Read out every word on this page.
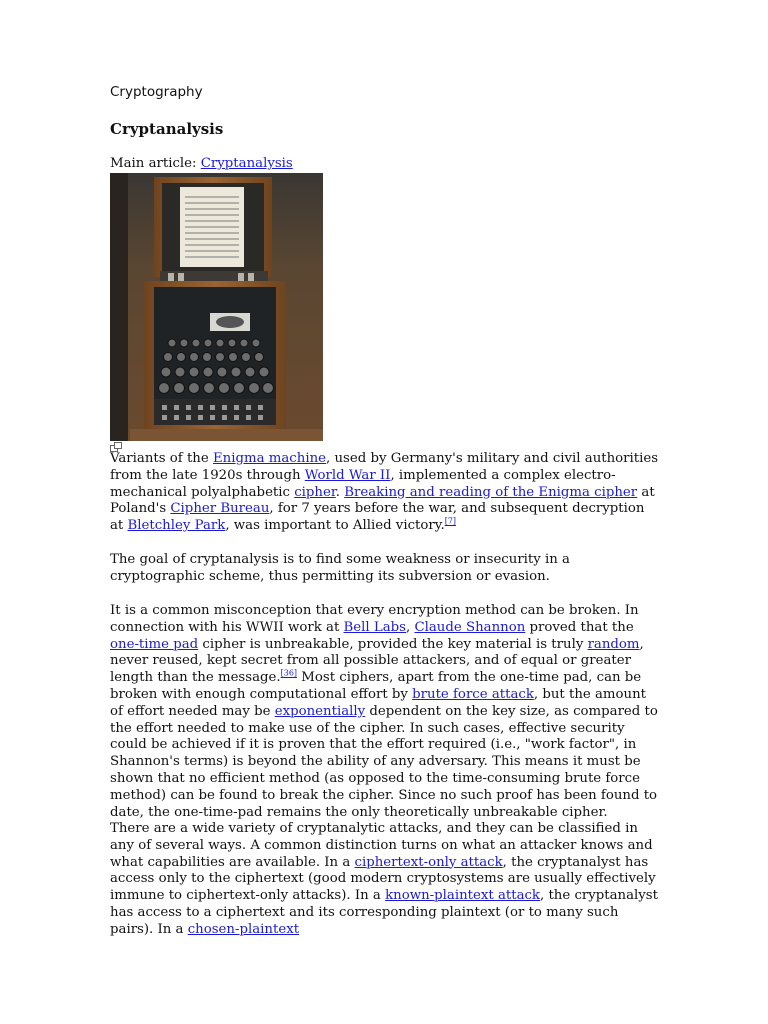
Cryptography
Cryptanalysis
Main article: Cryptanalysis

Variants of the Enigma machine, used by Germany's military and civil authorities from the late 1920s through World War II, implemented a complex electro-mechanical polyalphabetic cipher. Breaking and reading of the Enigma cipher at Poland's Cipher Bureau, for 7 years before the war, and subsequent decryption at Bletchley Park, was important to Allied victory.[7]

The goal of cryptanalysis is to find some weakness or insecurity in a cryptographic scheme, thus permitting its subversion or evasion.

It is a common misconception that every encryption method can be broken. In connection with his WWII work at Bell Labs, Claude Shannon proved that the one-time pad cipher is unbreakable, provided the key material is truly random, never reused, kept secret from all possible attackers, and of equal or greater length than the message.[36] Most ciphers, apart from the one-time pad, can be broken with enough computational effort by brute force attack, but the amount of effort needed may be exponentially dependent on the key size, as compared to the effort needed to make use of the cipher. In such cases, effective security could be achieved if it is proven that the effort required (i.e., "work factor", in Shannon's terms) is beyond the ability of any adversary. This means it must be shown that no efficient method (as opposed to the time-consuming brute force method) can be found to break the cipher. Since no such proof has been found to date, the one-time-pad remains the only theoretically unbreakable cipher.

There are a wide variety of cryptanalytic attacks, and they can be classified in any of several ways. A common distinction turns on what an attacker knows and what capabilities are available. In a ciphertext-only attack, the cryptanalyst has access only to the ciphertext (good modern cryptosystems are usually effectively immune to ciphertext-only attacks). In a known-plaintext attack, the cryptanalyst has access to a ciphertext and its corresponding plaintext (or to many such pairs). In a chosen-plaintext
